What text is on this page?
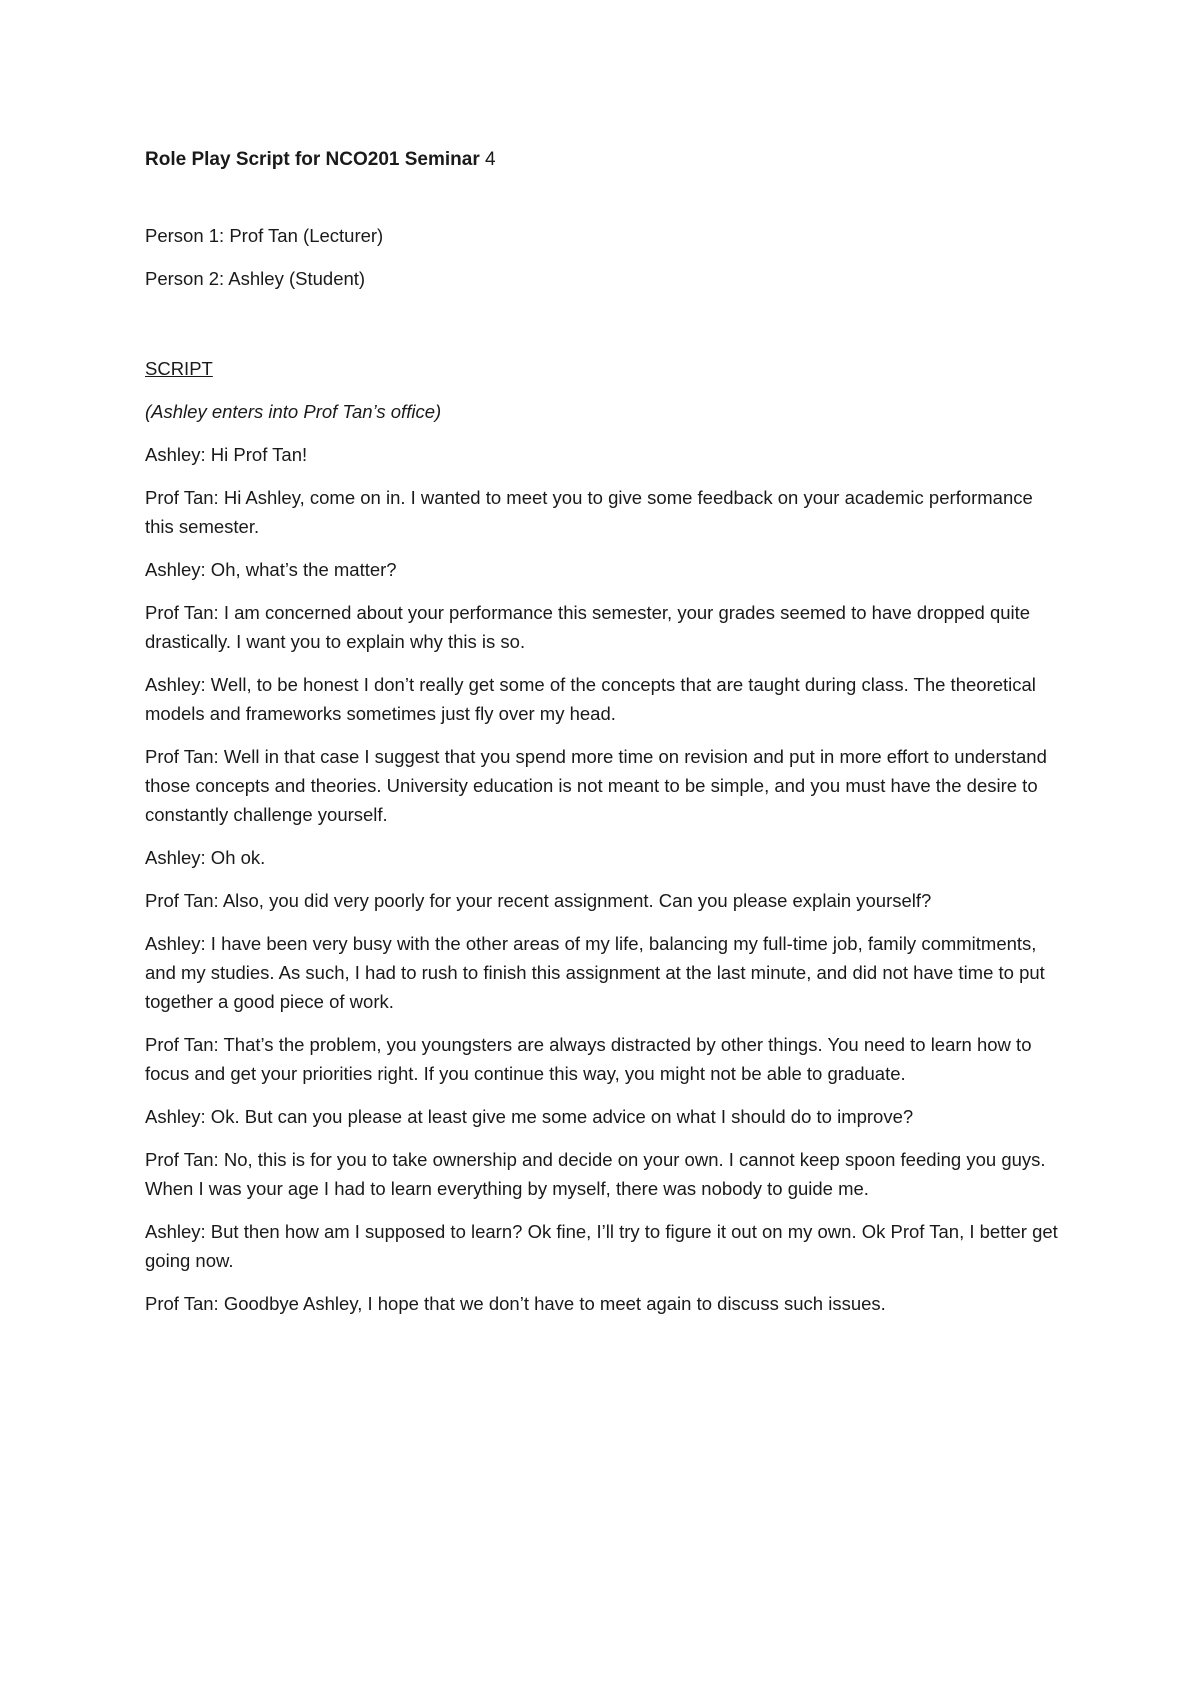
Role Play Script for NCO201 Seminar 4

Person 1: Prof Tan (Lecturer)

Person 2: Ashley (Student)

SCRIPT

(Ashley enters into Prof Tan’s office)

Ashley: Hi Prof Tan!

Prof Tan: Hi Ashley, come on in. I wanted to meet you to give some feedback on your academic performance this semester.

Ashley: Oh, what’s the matter?

Prof Tan: I am concerned about your performance this semester, your grades seemed to have dropped quite drastically. I want you to explain why this is so.

Ashley: Well, to be honest I don’t really get some of the concepts that are taught during class. The theoretical models and frameworks sometimes just fly over my head.

Prof Tan: Well in that case I suggest that you spend more time on revision and put in more effort to understand those concepts and theories. University education is not meant to be simple, and you must have the desire to constantly challenge yourself.

Ashley: Oh ok.

Prof Tan: Also, you did very poorly for your recent assignment. Can you please explain yourself?

Ashley: I have been very busy with the other areas of my life, balancing my full-time job, family commitments, and my studies. As such, I had to rush to finish this assignment at the last minute, and did not have time to put together a good piece of work.

Prof Tan: That’s the problem, you youngsters are always distracted by other things. You need to learn how to focus and get your priorities right. If you continue this way, you might not be able to graduate.

Ashley: Ok. But can you please at least give me some advice on what I should do to improve?

Prof Tan: No, this is for you to take ownership and decide on your own. I cannot keep spoon feeding you guys. When I was your age I had to learn everything by myself, there was nobody to guide me.

Ashley: But then how am I supposed to learn? Ok fine, I’ll try to figure it out on my own. Ok Prof Tan, I better get going now.

Prof Tan: Goodbye Ashley, I hope that we don’t have to meet again to discuss such issues.
